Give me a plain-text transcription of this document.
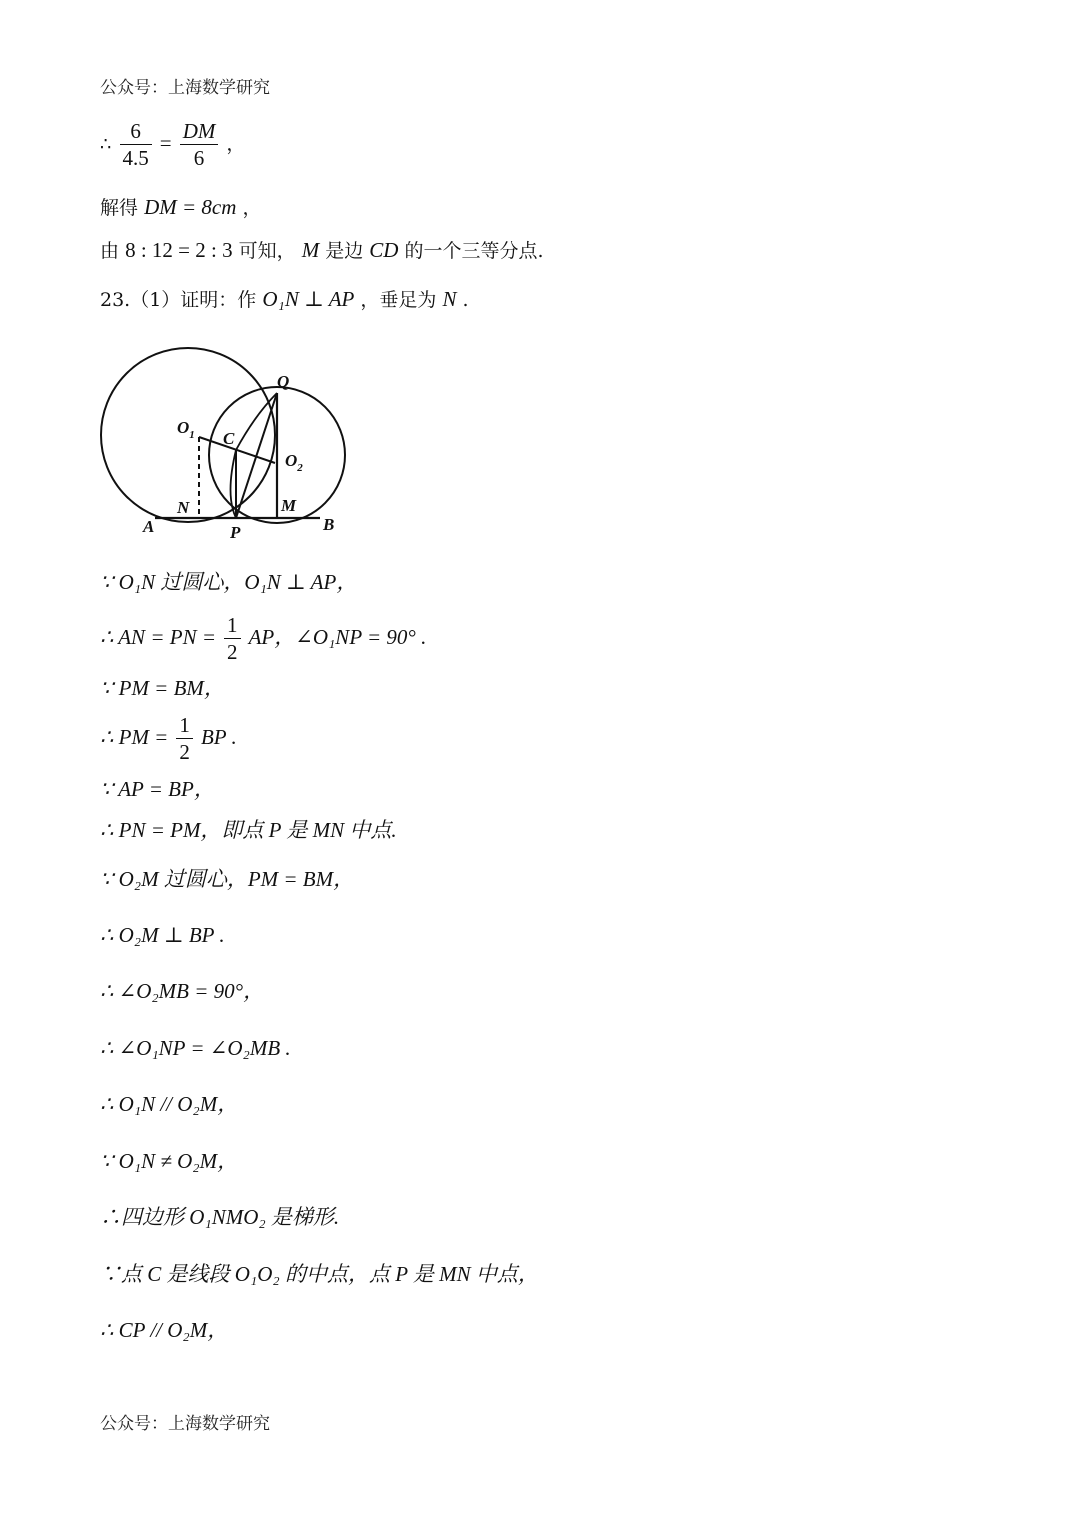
公众号：上海数学研究
∴ $\frac{6}{4.5} = \frac{DM}{6}$ ，
解得 DM = 8cm ，
由 8 : 12 = 2 : 3 可知， M 是边 CD 的一个三等分点.
23.（1）证明：作 O₁N ⊥ AP ，垂足为 N .
Q
$O_1$ C
$O_2$
N	M
A	P	B
∵ O₁N 过圆心，O₁N ⊥ AP，
∴ AN = PN = $\frac{1}{2}$ AP，∠O₁NP = 90° .
∵ PM = BM，
∴ PM = $\frac{1}{2}$ BP .
∵ AP = BP，
∴ PN = PM，即点 P 是 MN 中点.
∵ O₂M 过圆心，PM = BM，
∴ O₂M ⊥ BP .
∴ ∠O₂MB = 90°，
∴ ∠O₁NP = ∠O₂MB .
∴ O₁N // O₂M，
∵ O₁N ≠ O₂M，
∴四边形 O₁NMO₂ 是梯形.
∵点 C 是线段 O₁O₂ 的中点，点 P 是 MN 中点，
∴ CP // O₂M，
公众号：上海数学研究
